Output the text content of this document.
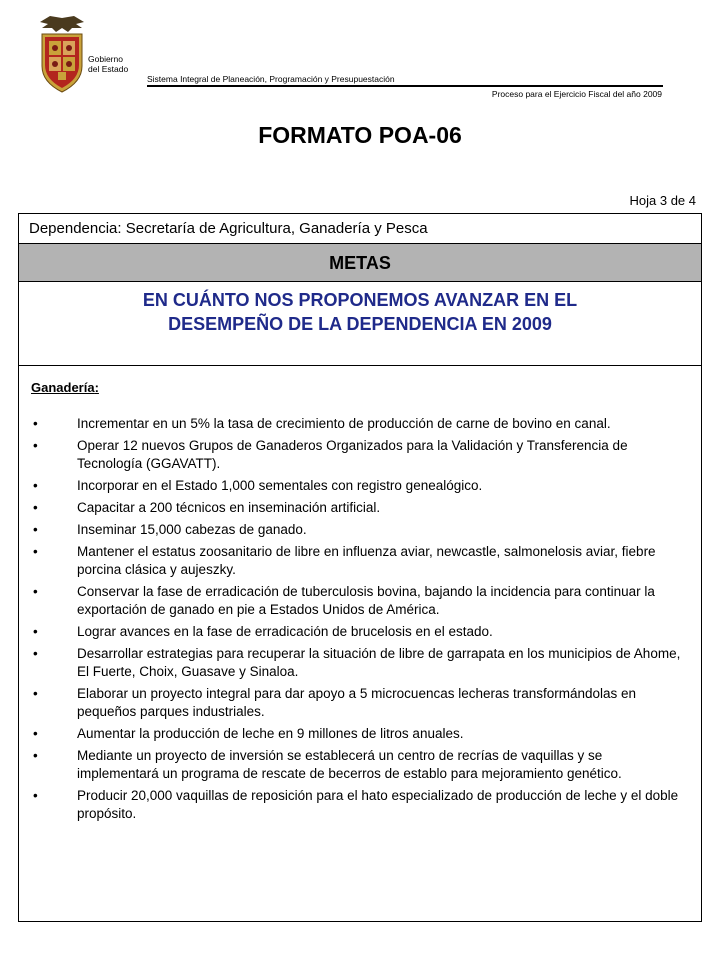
Gobierno
del Estado
Sistema Integral de Planeación, Programación y Presupuestación
Proceso para el Ejercicio Fiscal del año 2009
FORMATO POA-06
Hoja 3 de 4
Dependencia: Secretaría de Agricultura, Ganadería y Pesca
METAS
EN CUÁNTO NOS PROPONEMOS AVANZAR EN EL
DESEMPEÑO DE LA DEPENDENCIA EN 2009
Ganadería:
•	Incrementar en un 5% la tasa de crecimiento de producción de carne de bovino en canal.
•	Operar 12 nuevos Grupos de Ganaderos Organizados para la Validación y Transferencia de Tecnología (GGAVATT).
•	Incorporar en el Estado 1,000 sementales con registro genealógico.
•	Capacitar a 200 técnicos en inseminación artificial.
•	Inseminar 15,000 cabezas de ganado.
•	Mantener el estatus zoosanitario de libre en influenza aviar, newcastle, salmonelosis aviar, fiebre porcina clásica y aujeszky.
•	Conservar la fase de erradicación de tuberculosis bovina, bajando la incidencia para continuar la exportación de ganado en pie a Estados Unidos de América.
•	Lograr avances en la fase de erradicación de brucelosis en el estado.
•	Desarrollar estrategias para recuperar la situación de libre de garrapata en los municipios de Ahome, El Fuerte, Choix, Guasave y Sinaloa.
•	Elaborar un proyecto integral para dar apoyo a 5 microcuencas lecheras transformándolas en pequeños parques industriales.
•	Aumentar la producción de leche en 9 millones de litros anuales.
•	Mediante un proyecto de inversión se establecerá un centro de recrías de vaquillas y se implementará un programa de rescate de becerros de establo para mejoramiento genético.
•	Producir 20,000 vaquillas de reposición para el hato especializado de producción de leche y el doble propósito.
